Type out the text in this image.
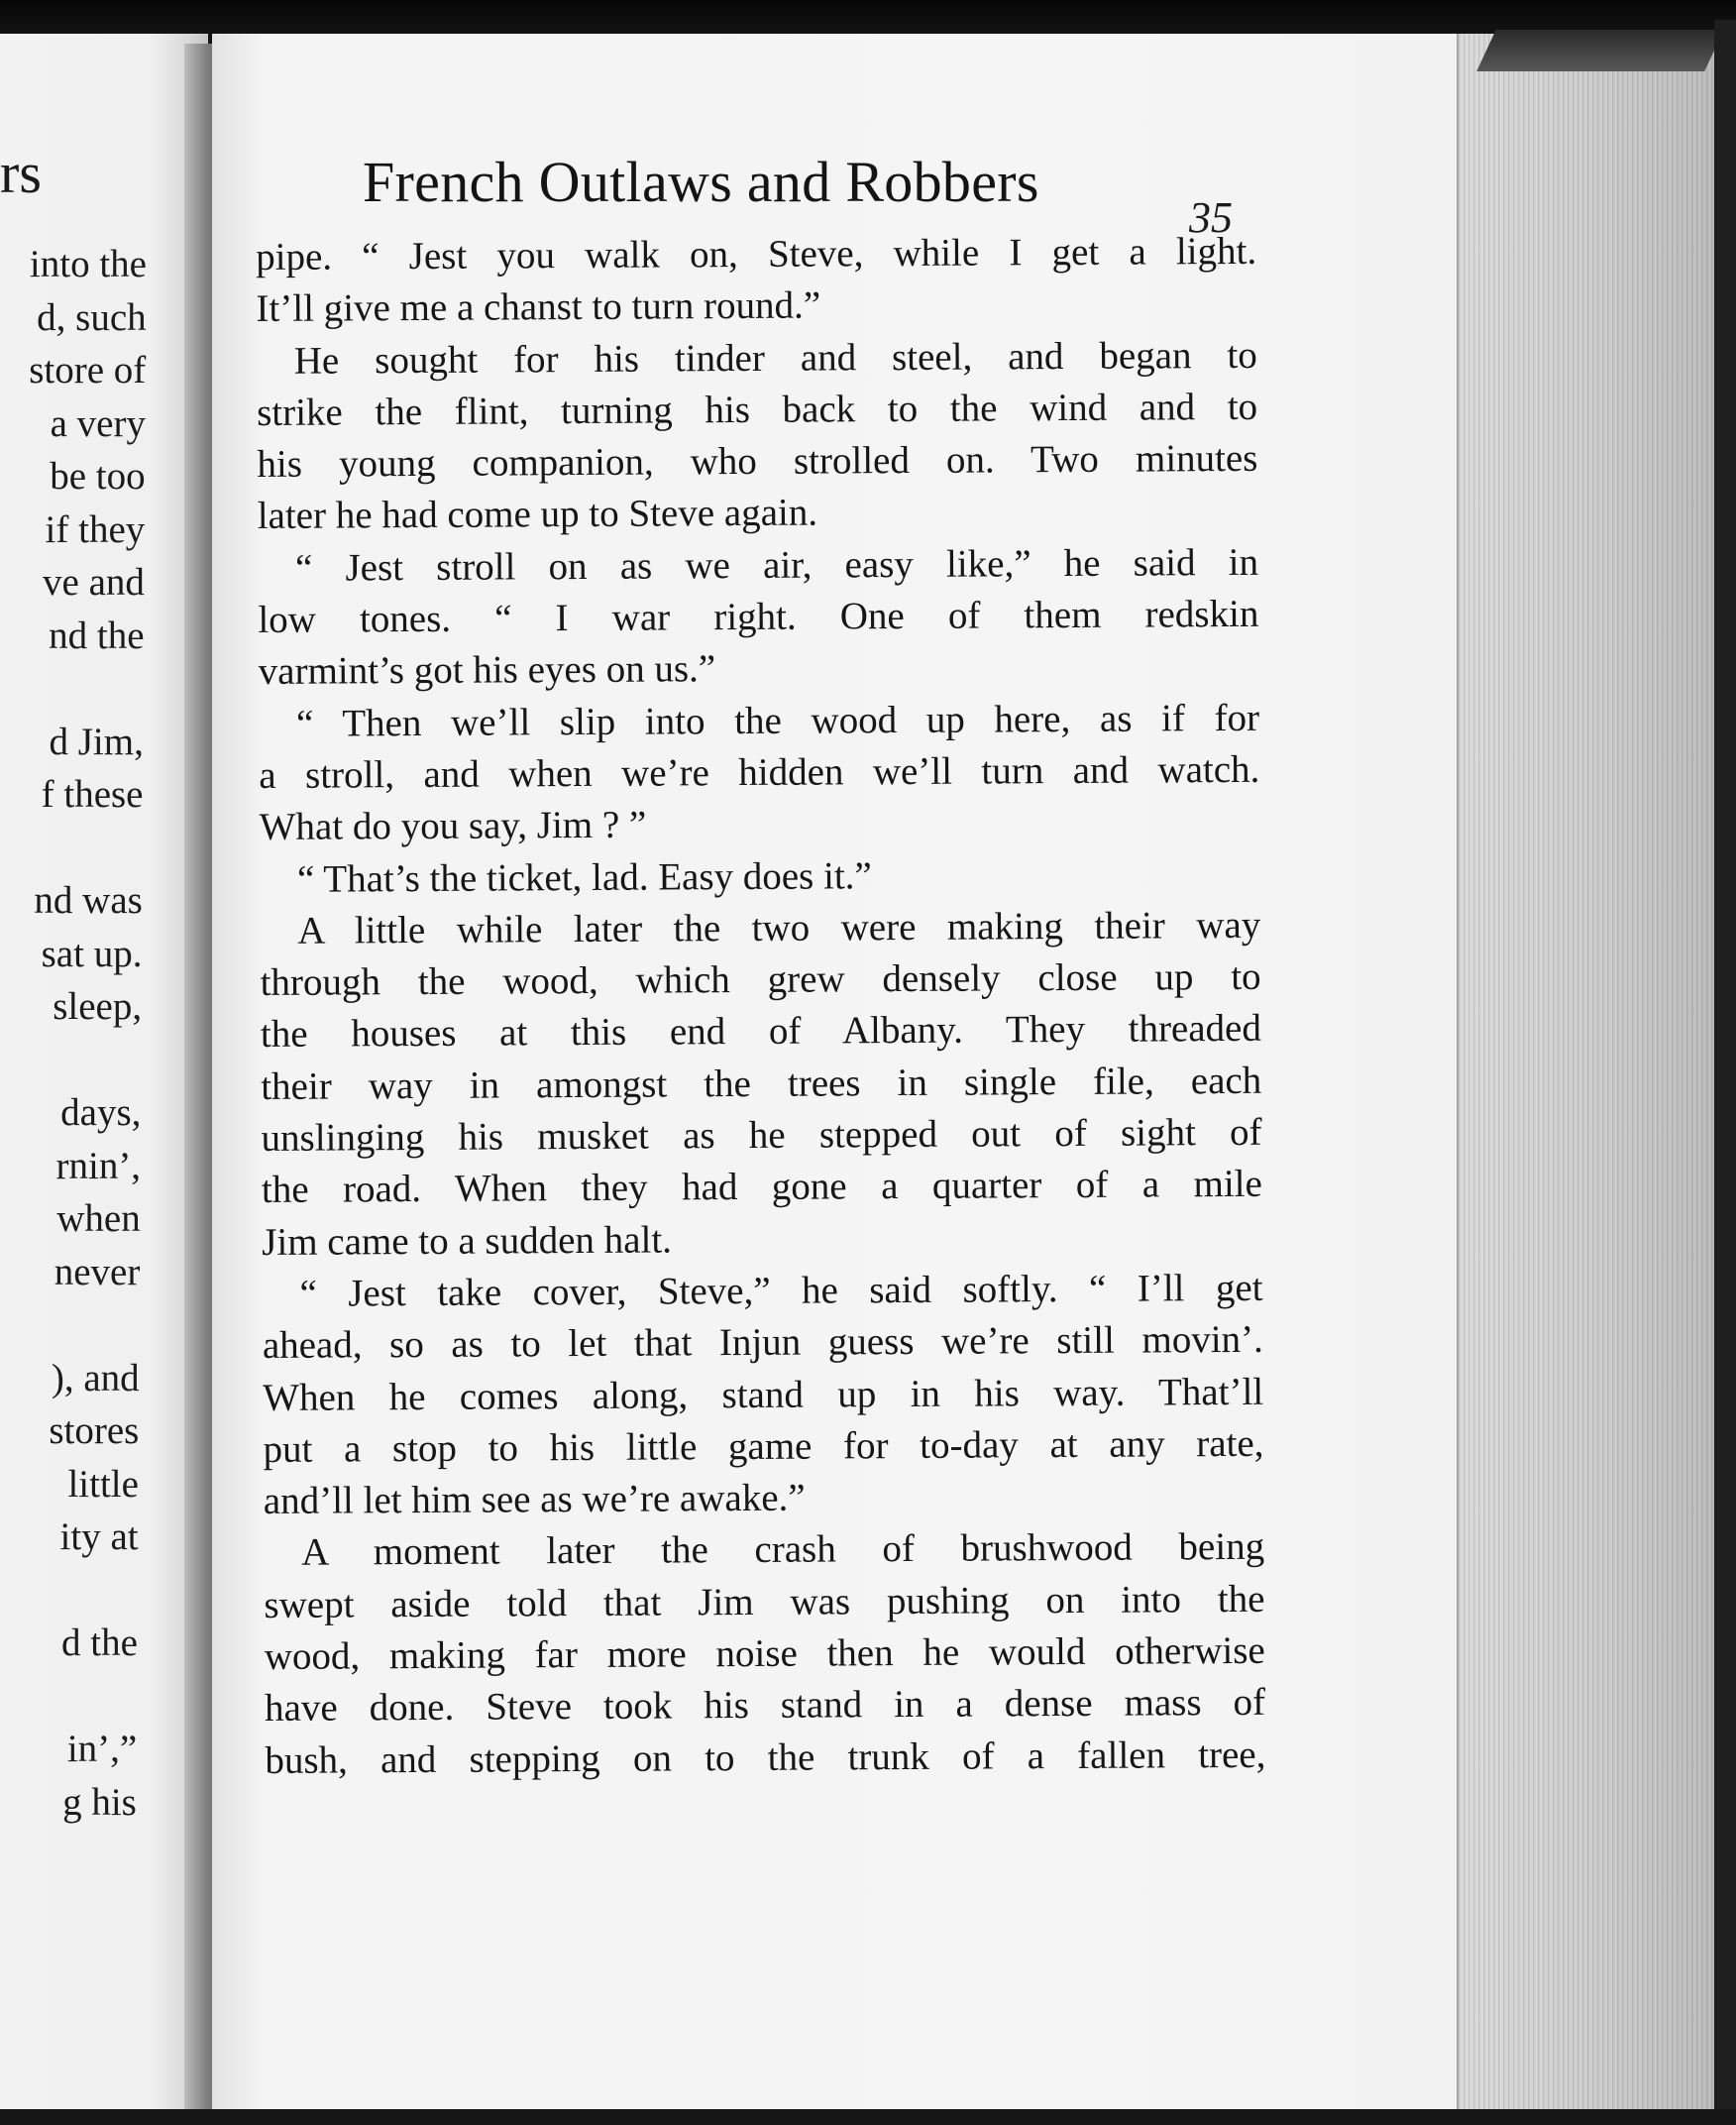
rs
into the
d, such
store of
a very
be too
if they
ve and
nd the
d Jim,
f these
nd was
sat up.
sleep,
days,
rnin’,
when
never
), and
stores
little
ity at
d the
in’,”
g his
French Outlaws and Robbers
35
pipe. “ Jest you walk on, Steve, while I get a light.
It’ll give me a chanst to turn round.”
He sought for his tinder and steel, and began to
strike the flint, turning his back to the wind and to
his young companion, who strolled on. Two minutes
later he had come up to Steve again.
“ Jest stroll on as we air, easy like,” he said in
low tones. “ I war right. One of them redskin
varmint’s got his eyes on us.”
“ Then we’ll slip into the wood up here, as if for
a stroll, and when we’re hidden we’ll turn and watch.
What do you say, Jim ? ”
“ That’s the ticket, lad. Easy does it.”
A little while later the two were making their way
through the wood, which grew densely close up to
the houses at this end of Albany. They threaded
their way in amongst the trees in single file, each
unslinging his musket as he stepped out of sight of
the road. When they had gone a quarter of a mile
Jim came to a sudden halt.
“ Jest take cover, Steve,” he said softly. “ I’ll get
ahead, so as to let that Injun guess we’re still movin’.
When he comes along, stand up in his way. That’ll
put a stop to his little game for to-day at any rate,
and’ll let him see as we’re awake.”
A moment later the crash of brushwood being
swept aside told that Jim was pushing on into the
wood, making far more noise then he would otherwise
have done. Steve took his stand in a dense mass of
bush, and stepping on to the trunk of a fallen tree,
